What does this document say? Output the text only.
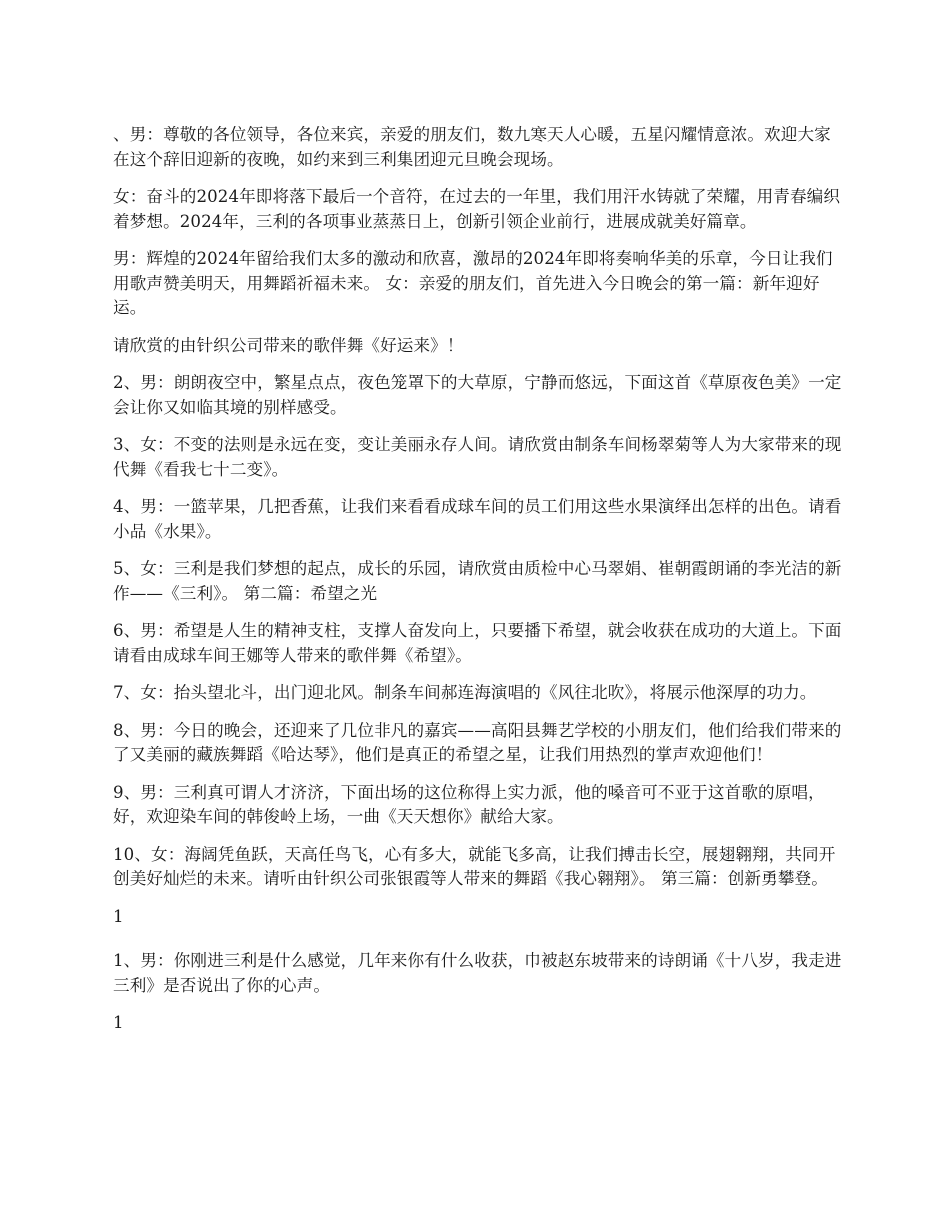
、男：尊敬的各位领导，各位来宾，亲爱的朋友们，数九寒天人心暖，五星闪耀情意浓。欢迎大家在这个辞旧迎新的夜晚，如约来到三利集团迎元旦晚会现场。

女：奋斗的2024年即将落下最后一个音符，在过去的一年里，我们用汗水铸就了荣耀，用青春编织着梦想。2024年，三利的各项事业蒸蒸日上，创新引领企业前行，进展成就美好篇章。

男：辉煌的2024年留给我们太多的激动和欣喜，激昂的2024年即将奏响华美的乐章，今日让我们用歌声赞美明天，用舞蹈祈福未来。 女：亲爱的朋友们，首先进入今日晚会的第一篇：新年迎好运。

请欣赏的由针织公司带来的歌伴舞《好运来》！

2、男：朗朗夜空中，繁星点点，夜色笼罩下的大草原，宁静而悠远，下面这首《草原夜色美》一定会让你又如临其境的别样感受。

3、女：不变的法则是永远在变，变让美丽永存人间。请欣赏由制条车间杨翠菊等人为大家带来的现代舞《看我七十二变》。

4、男：一篮苹果，几把香蕉，让我们来看看成球车间的员工们用这些水果演绎出怎样的出色。请看小品《水果》。

5、女：三利是我们梦想的起点，成长的乐园，请欣赏由质检中心马翠娟、崔朝霞朗诵的李光洁的新作——《三利》。 第二篇：希望之光

6、男：希望是人生的精神支柱，支撑人奋发向上，只要播下希望，就会收获在成功的大道上。下面请看由成球车间王娜等人带来的歌伴舞《希望》。

7、女：抬头望北斗，出门迎北风。制条车间郝连海演唱的《风往北吹》，将展示他深厚的功力。

8、男：今日的晚会，还迎来了几位非凡的嘉宾——高阳县舞艺学校的小朋友们，他们给我们带来的了又美丽的藏族舞蹈《哈达琴》，他们是真正的希望之星，让我们用热烈的掌声欢迎他们！

9、男：三利真可谓人才济济，下面出场的这位称得上实力派，他的嗓音可不亚于这首歌的原唱，好，欢迎染车间的韩俊岭上场，一曲《天天想你》献给大家。

10、女：海阔凭鱼跃，天高任鸟飞，心有多大，就能飞多高，让我们搏击长空，展翅翱翔，共同开创美好灿烂的未来。请听由针织公司张银霞等人带来的舞蹈《我心翱翔》。 第三篇：创新勇攀登。

1

1、男：你刚进三利是什么感觉，几年来你有什么收获，巾被赵东坡带来的诗朗诵《十八岁，我走进三利》是否说出了你的心声。

1
